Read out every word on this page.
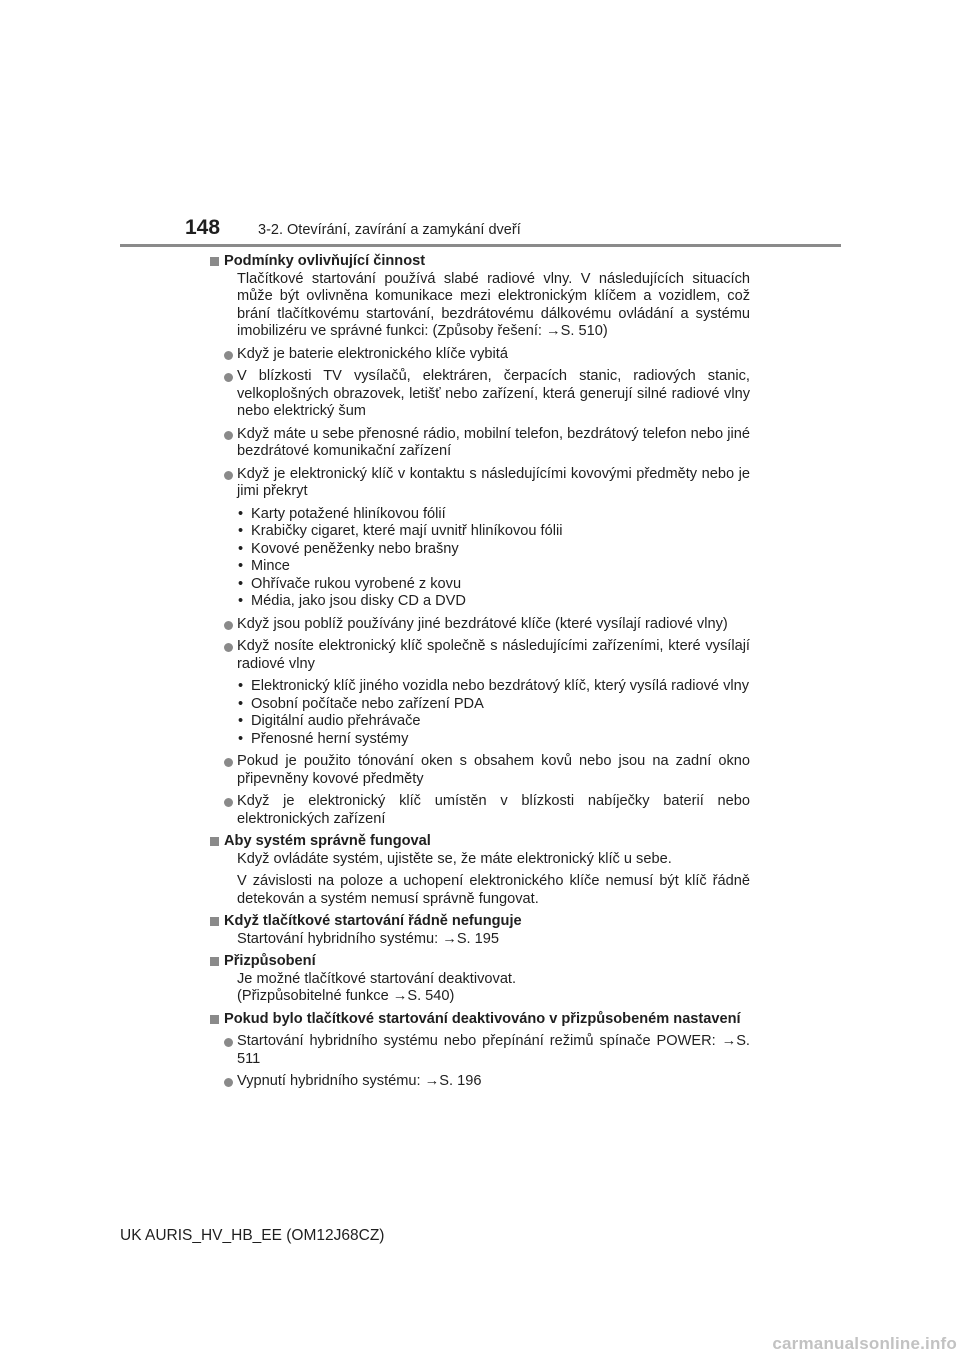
148	3-2. Otevírání, zavírání a zamykání dveří
Podmínky ovlivňující činnost
Tlačítkové startování používá slabé radiové vlny. V následujících situacích může být ovlivněna komunikace mezi elektronickým klíčem a vozidlem, což brání tlačítkovému startování, bezdrátovému dálkovému ovládání a systému imobilizéru ve správné funkci: (Způsoby řešení: →S. 510)
Když je baterie elektronického klíče vybitá
V blízkosti TV vysílačů, elektráren, čerpacích stanic, radiových stanic, velkoplošných obrazovek, letišť nebo zařízení, která generují silné radiové vlny nebo elektrický šum
Když máte u sebe přenosné rádio, mobilní telefon, bezdrátový telefon nebo jiné bezdrátové komunikační zařízení
Když je elektronický klíč v kontaktu s následujícími kovovými předměty nebo je jimi překryt
• Karty potažené hliníkovou fólií
• Krabičky cigaret, které mají uvnitř hliníkovou fólii
• Kovové peněženky nebo brašny
• Mince
• Ohřívače rukou vyrobené z kovu
• Média, jako jsou disky CD a DVD
Když jsou poblíž používány jiné bezdrátové klíče (které vysílají radiové vlny)
Když nosíte elektronický klíč společně s následujícími zařízeními, které vysílají radiové vlny
• Elektronický klíč jiného vozidla nebo bezdrátový klíč, který vysílá radiové vlny
• Osobní počítače nebo zařízení PDA
• Digitální audio přehrávače
• Přenosné herní systémy
Pokud je použito tónování oken s obsahem kovů nebo jsou na zadní okno připevněny kovové předměty
Když je elektronický klíč umístěn v blízkosti nabíječky baterií nebo elektronických zařízení
Aby systém správně fungoval
Když ovládáte systém, ujistěte se, že máte elektronický klíč u sebe.
V závislosti na poloze a uchopení elektronického klíče nemusí být klíč řádně detekován a systém nemusí správně fungovat.
Když tlačítkové startování řádně nefunguje
Startování hybridního systému: →S. 195
Přizpůsobení
Je možné tlačítkové startování deaktivovat.
(Přizpůsobitelné funkce →S. 540)
Pokud bylo tlačítkové startování deaktivováno v přizpůsobeném nastavení
Startování hybridního systému nebo přepínání režimů spínače POWER: →S. 511
Vypnutí hybridního systému: →S. 196
UK AURIS_HV_HB_EE (OM12J68CZ)
carmanualsonline.info
